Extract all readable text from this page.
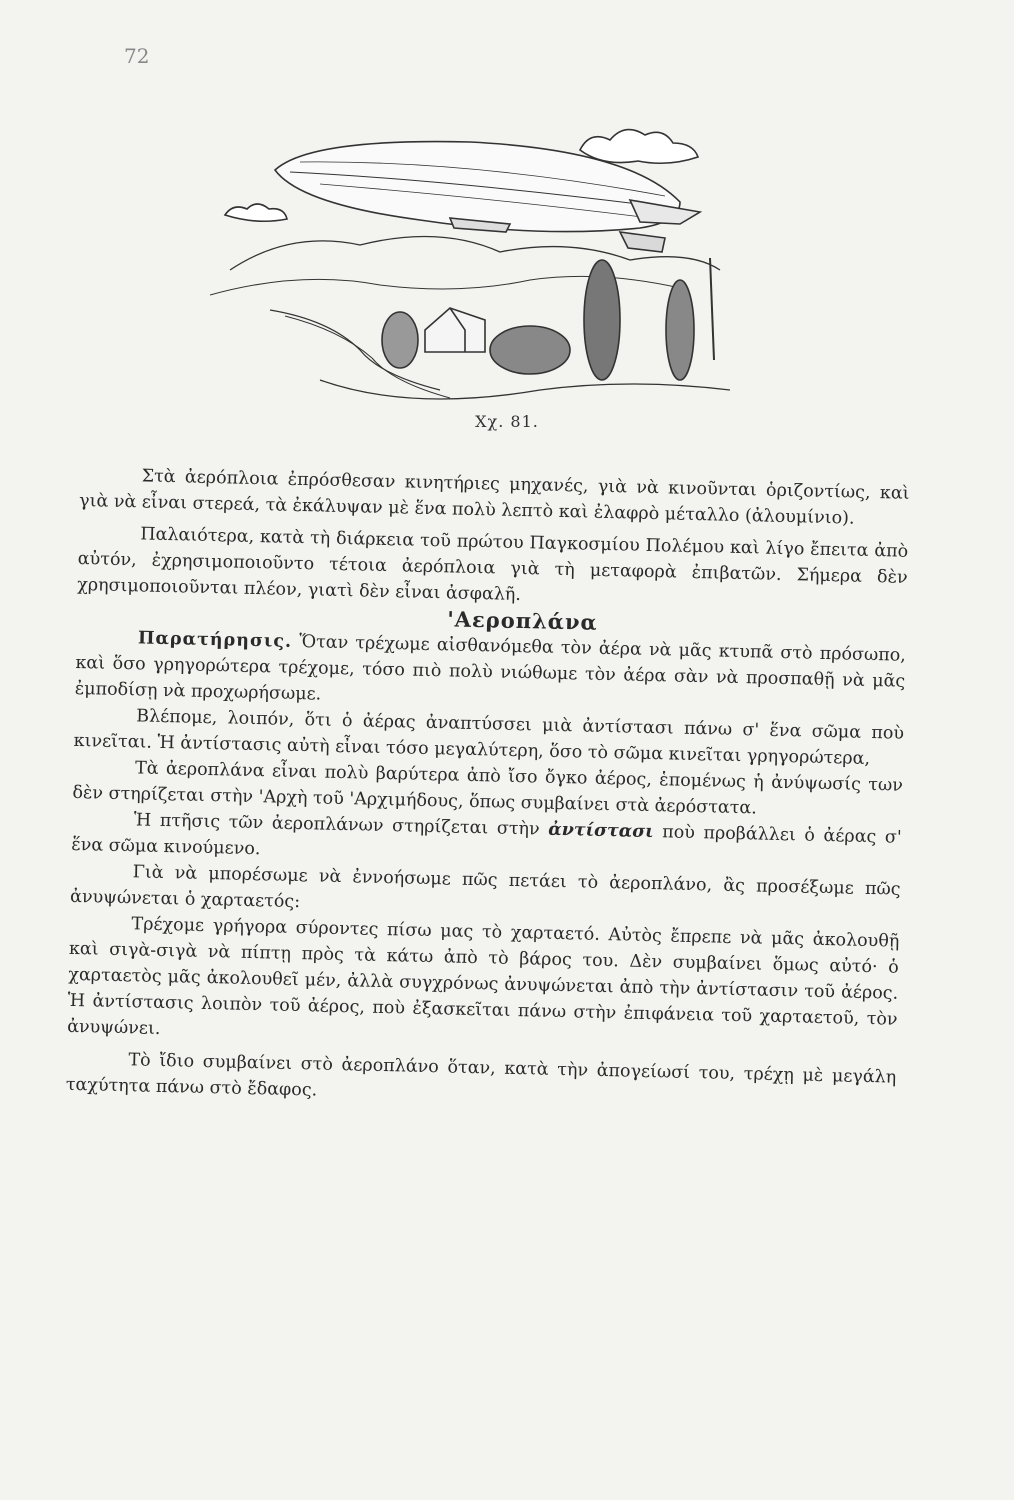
72
Χχ. 81.

Στὰ ἀερόπλοια ἐπρόσθεσαν κινητήριες μηχανές, γιὰ νὰ κινοῦνται ὁριζοντίως, καὶ γιὰ νὰ εἶναι στερεά, τὰ ἐκάλυψαν μὲ ἕνα πολὺ λεπτὸ καὶ ἐλαφρὸ μέταλλο (ἀλουμίνιο).

Παλαιότερα, κατὰ τὴ διάρκεια τοῦ πρώτου Παγκοσμίου Πολέμου καὶ λίγο ἔπειτα ἀπὸ αὐτόν, ἐχρησιμοποιοῦντο τέτοια ἀερόπλοια γιὰ τὴ μεταφορὰ ἐπιβατῶν. Σήμερα δὲν χρησιμοποιοῦνται πλέον, γιατὶ δὲν εἶναι ἀσφαλῆ.

'Αεροπλάνα

Παρατήρησις. Ὅταν τρέχωμε αἰσθανόμεθα τὸν ἀέρα νὰ μᾶς κτυπᾶ στὸ πρόσωπο, καὶ ὅσο γρηγορώτερα τρέχομε, τόσο πιὸ πολὺ νιώθωμε τὸν ἀέρα σὰν νὰ προσπαθῇ νὰ μᾶς ἐμποδίσῃ νὰ προχωρήσωμε.

Βλέπομε, λοιπόν, ὅτι ὁ ἀέρας ἀναπτύσσει μιὰ ἀντίστασι πάνω σ' ἕνα σῶμα ποὺ κινεῖται. Ἡ ἀντίστασις αὐτὴ εἶναι τόσο μεγαλύτερη, ὅσο τὸ σῶμα κινεῖται γρηγορώτερα,

Τὰ ἀεροπλάνα εἶναι πολὺ βαρύτερα ἀπὸ ἴσο ὄγκο ἀέρος, ἑπομένως ἡ ἀνύψωσίς των δὲν στηρίζεται στὴν 'Αρχὴ τοῦ 'Αρχιμήδους, ὅπως συμβαίνει στὰ ἀερόστατα.

Ἡ πτῆσις τῶν ἀεροπλάνων στηρίζεται στὴν ἀντίστασι ποὺ προβάλλει ὁ ἀέρας σ' ἕνα σῶμα κινούμενο.

Γιὰ νὰ μπορέσωμε νὰ ἐννοήσωμε πῶς πετάει τὸ ἀεροπλάνο, ἂς προσέξωμε πῶς ἀνυψώνεται ὁ χαρταετός:

Τρέχομε γρήγορα σύροντες πίσω μας τὸ χαρταετό. Αὐτὸς ἔπρεπε νὰ μᾶς ἀκολουθῇ καὶ σιγὰ-σιγὰ νὰ πίπτῃ πρὸς τὰ κάτω ἀπὸ τὸ βάρος του. Δὲν συμβαίνει ὅμως αὐτό· ὁ χαρταετὸς μᾶς ἀκολουθεῖ μέν, ἀλλὰ συγχρόνως ἀνυψώνεται ἀπὸ τὴν ἀντίστασιν τοῦ ἀέρος. Ἡ ἀντίστασις λοιπὸν τοῦ ἀέρος, ποὺ ἐξασκεῖται πάνω στὴν ἐπιφάνεια τοῦ χαρταετοῦ, τὸν ἀνυψώνει.

Τὸ ἴδιο συμβαίνει στὸ ἀεροπλάνο ὅταν, κατὰ τὴν ἀπογείωσί του, τρέχῃ μὲ μεγάλη ταχύτητα πάνω στὸ ἔδαφος.
